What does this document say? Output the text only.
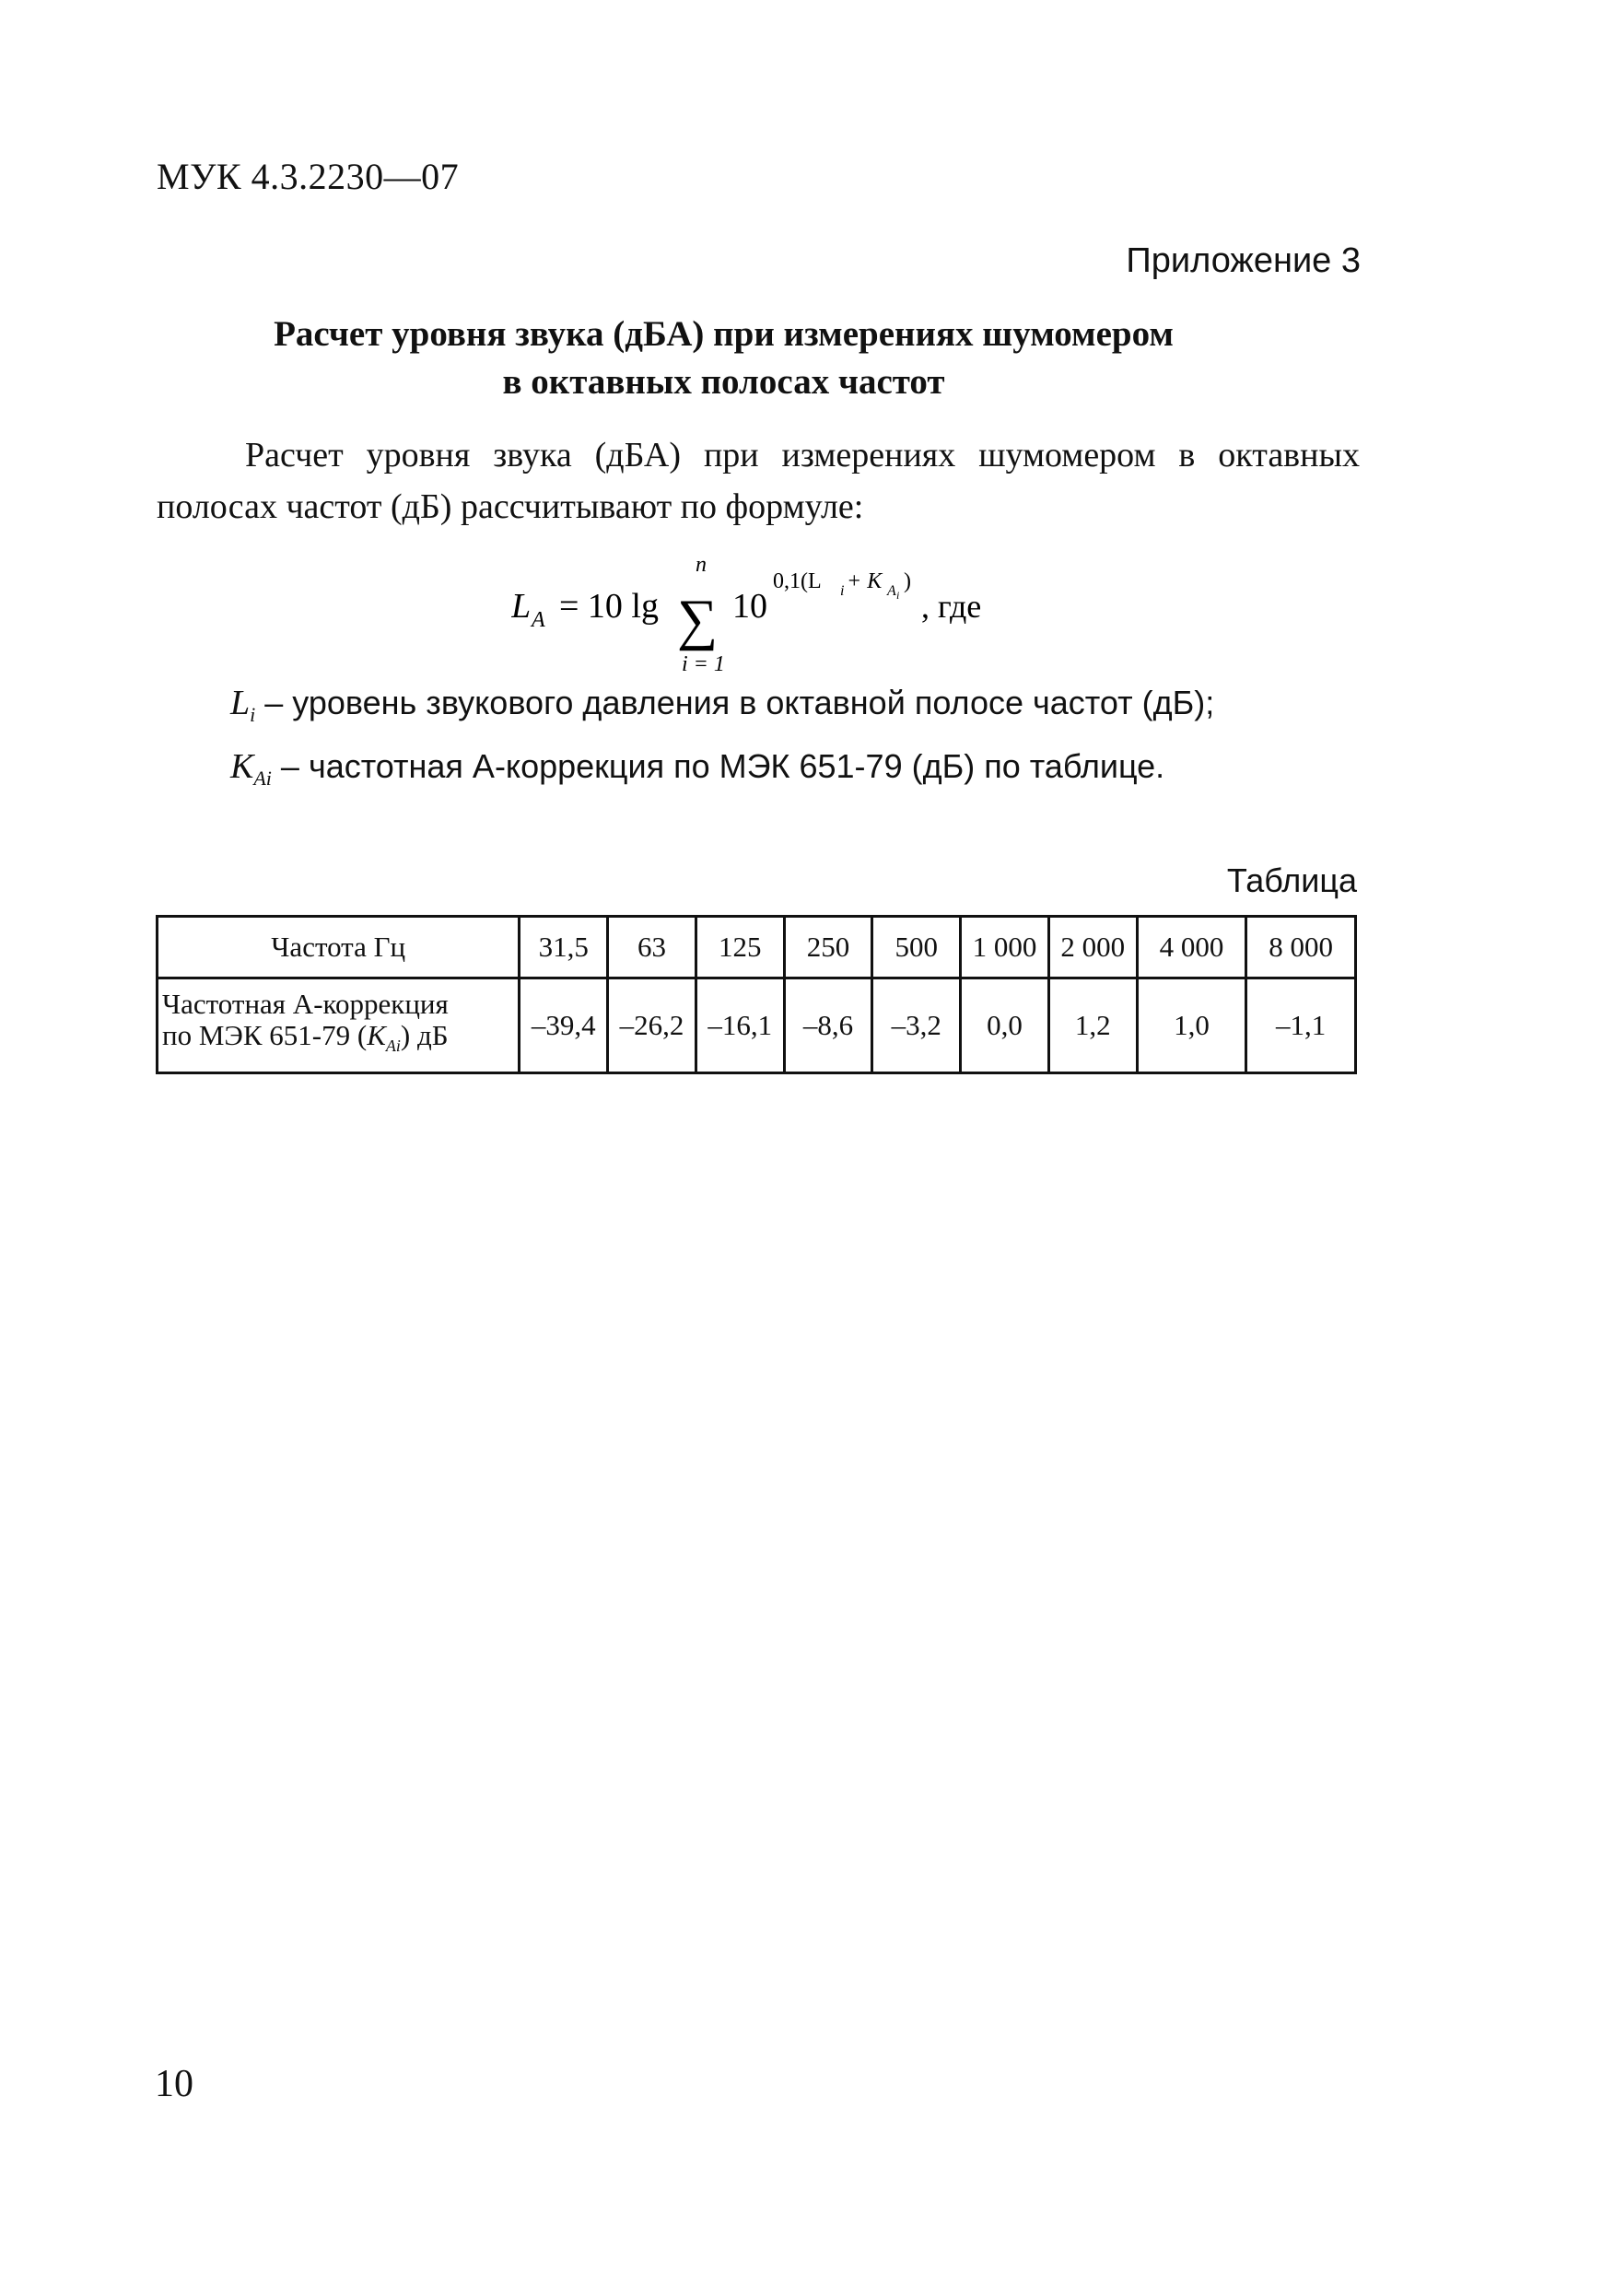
МУК 4.3.2230—07
Приложение 3
Расчет уровня звука (дБА) при измерениях шумомером
в октавных полосах частот
Расчет уровня звука (дБА) при измерениях шумомером в октавных полосах частот (дБ) рассчитывают по формуле:
L A = 10 lg
n
∑
i = 1
10
0,1(L i + K A i
)
, где
$L_i$ – уровень звукового давления в октавной полосе частот (дБ);
$K_{Ai}$ – частотная А-коррекция по МЭК 651-79 (дБ) по таблице.
Таблица
Частота Гц	31,5	63	125	250	500	1 000	2 000	4 000	8 000

Частотная А-коррекция
по МЭК 651-79 $(K_{Ai})$ дБ	–39,4	–26,2	–16,1	–8,6	–3,2	0,0	1,2	1,0	–1,1
10
